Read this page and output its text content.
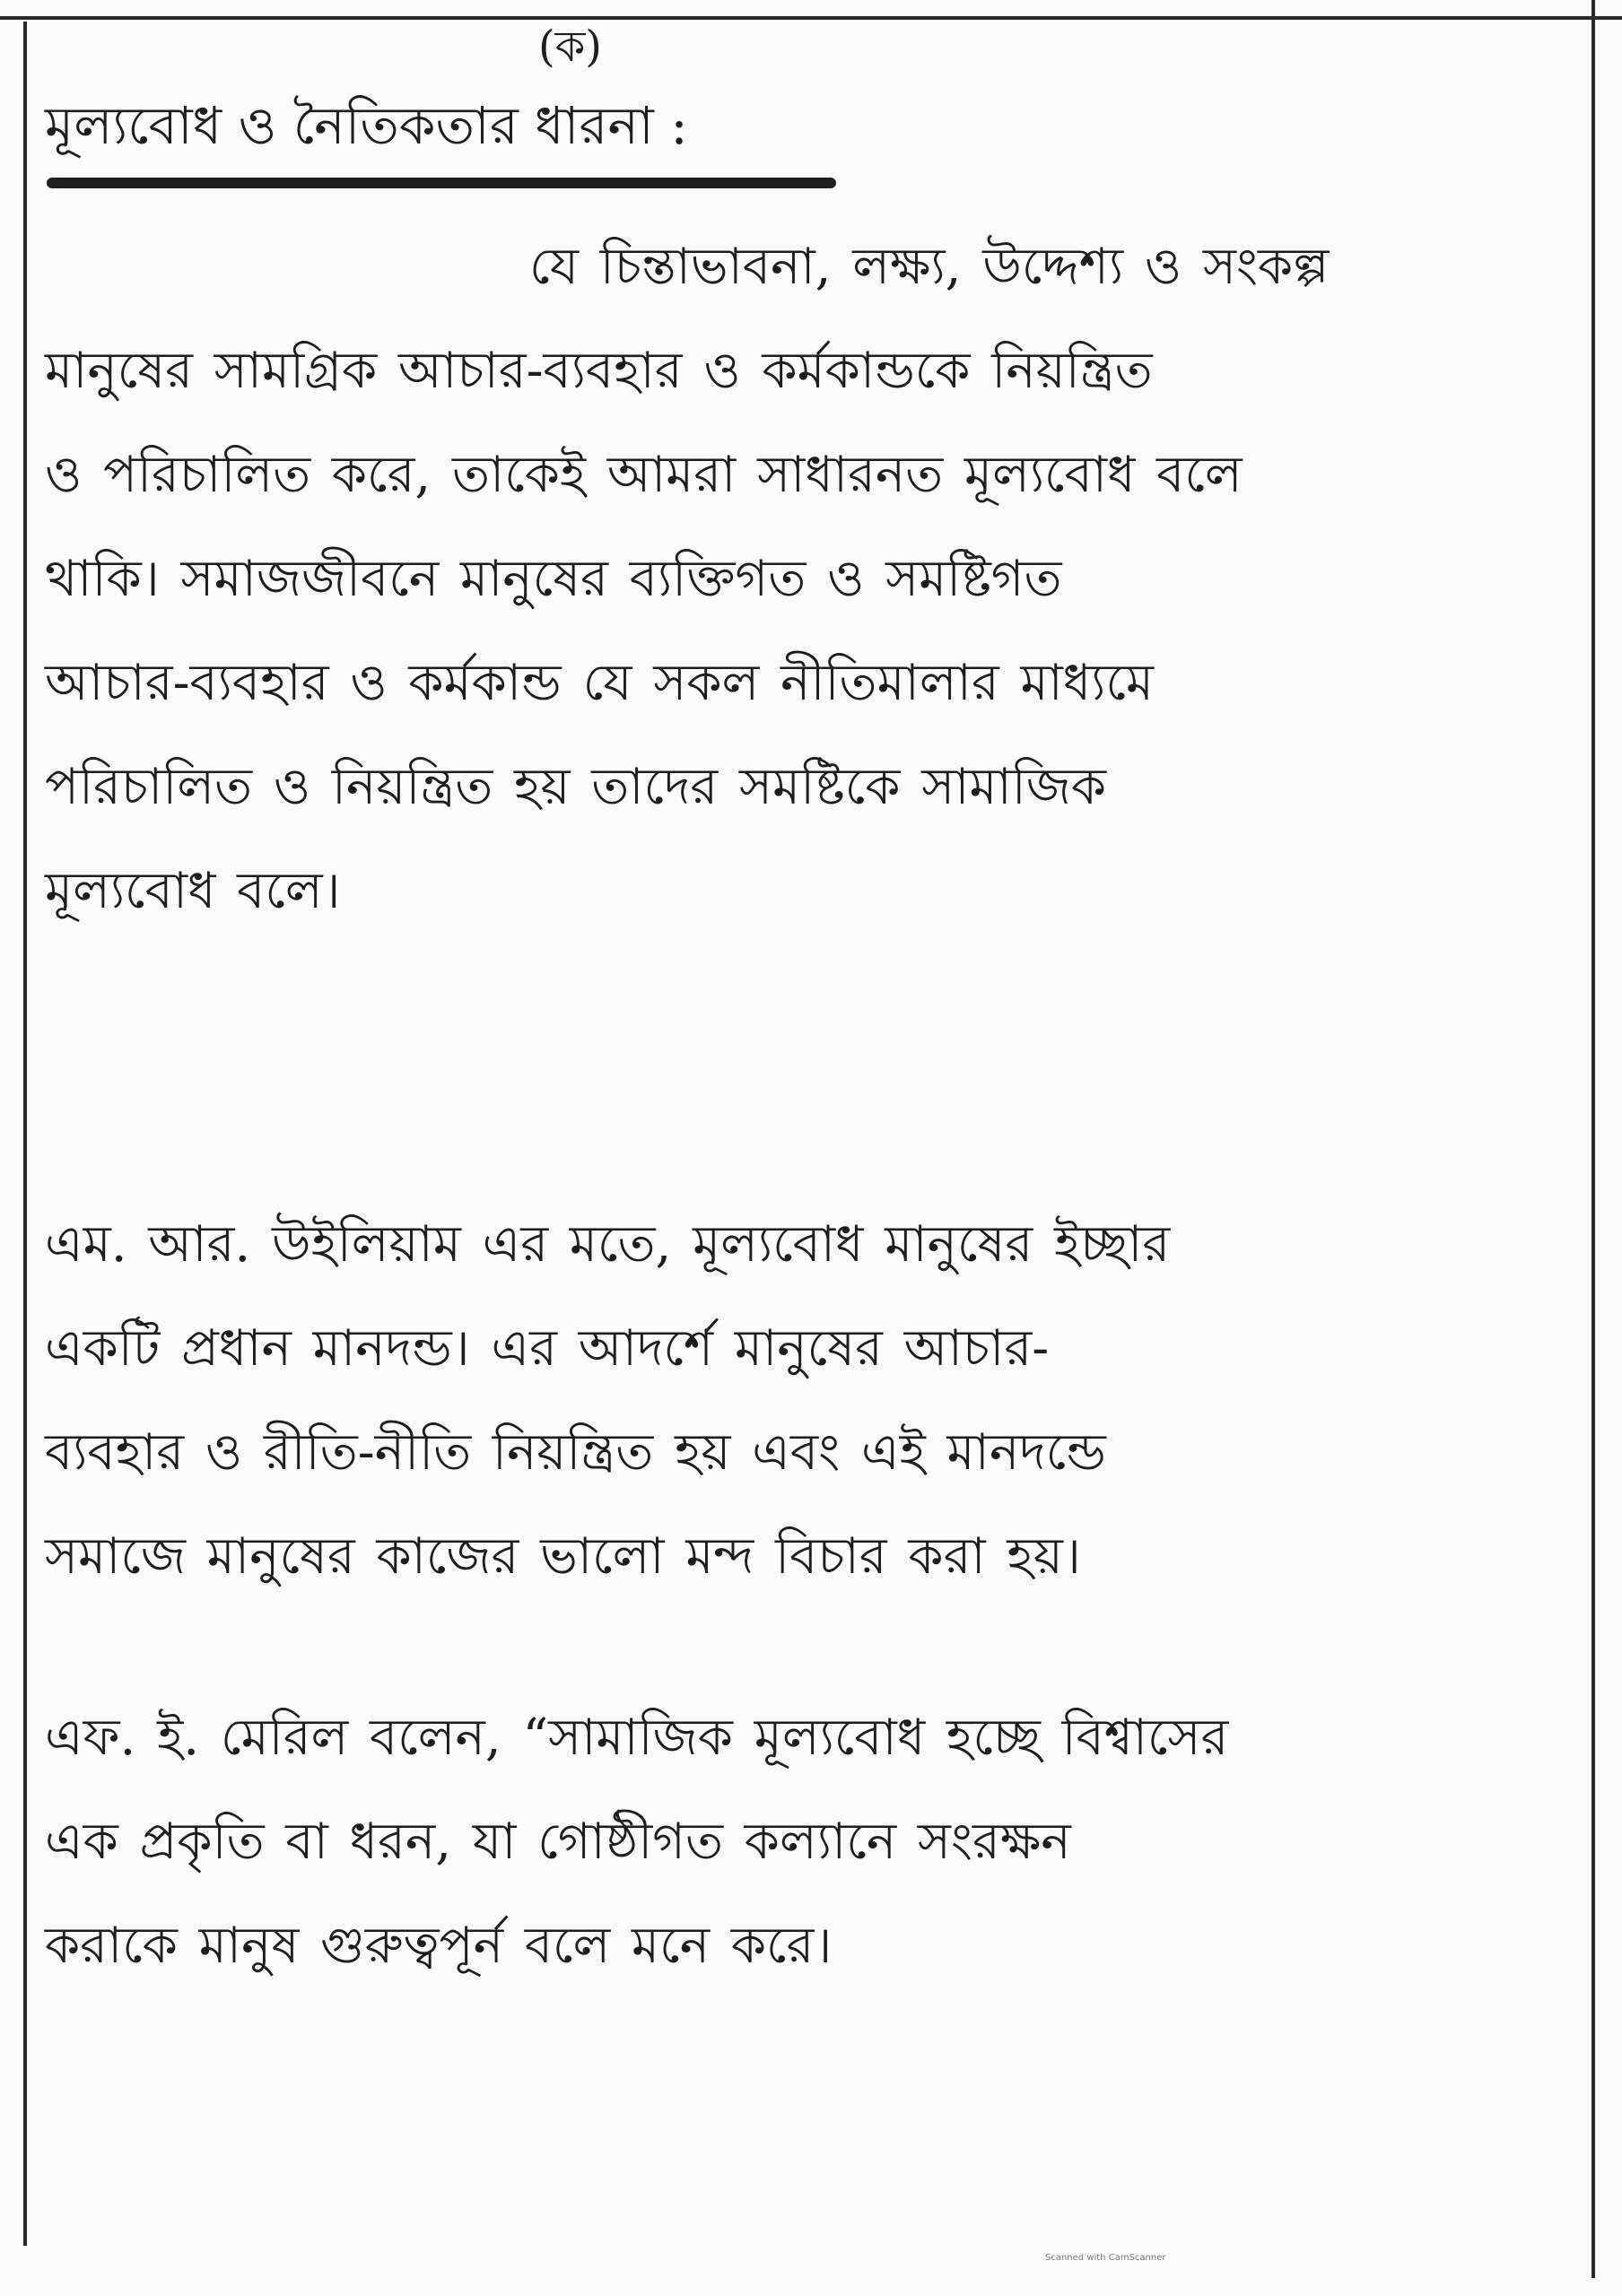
(ক)
মূল্যবোধ ও নৈতিকতার ধারনা :
যে চিন্তাভাবনা, লক্ষ্য, উদ্দেশ্য ও সংকল্প
মানুষের সামগ্রিক আচার-ব্যবহার ও কর্মকান্ডকে নিয়ন্ত্রিত
ও পরিচালিত করে, তাকেই আমরা সাধারনত মূল্যবোধ বলে
থাকি। সমাজজীবনে মানুষের ব্যক্তিগত ও সমষ্টিগত
আচার-ব্যবহার ও কর্মকান্ড যে সকল নীতিমালার মাধ্যমে
পরিচালিত ও নিয়ন্ত্রিত হয় তাদের সমষ্টিকে সামাজিক
মূল্যবোধ বলে।
এম. আর. উইলিয়াম এর মতে, মূল্যবোধ মানুষের ইচ্ছার
একটি প্রধান মানদন্ড। এর আদর্শে মানুষের আচার-
ব্যবহার ও রীতি-নীতি নিয়ন্ত্রিত হয় এবং এই মানদন্ডে
সমাজে মানুষের কাজের ভালো মন্দ বিচার করা হয়।
এফ. ই. মেরিল বলেন, “সামাজিক মূল্যবোধ হচ্ছে বিশ্বাসের
এক প্রকৃতি বা ধরন, যা গোষ্ঠীগত কল্যানে সংরক্ষন
করাকে মানুষ গুরুত্বপূর্ন বলে মনে করে।
Scanned with CamScanner
